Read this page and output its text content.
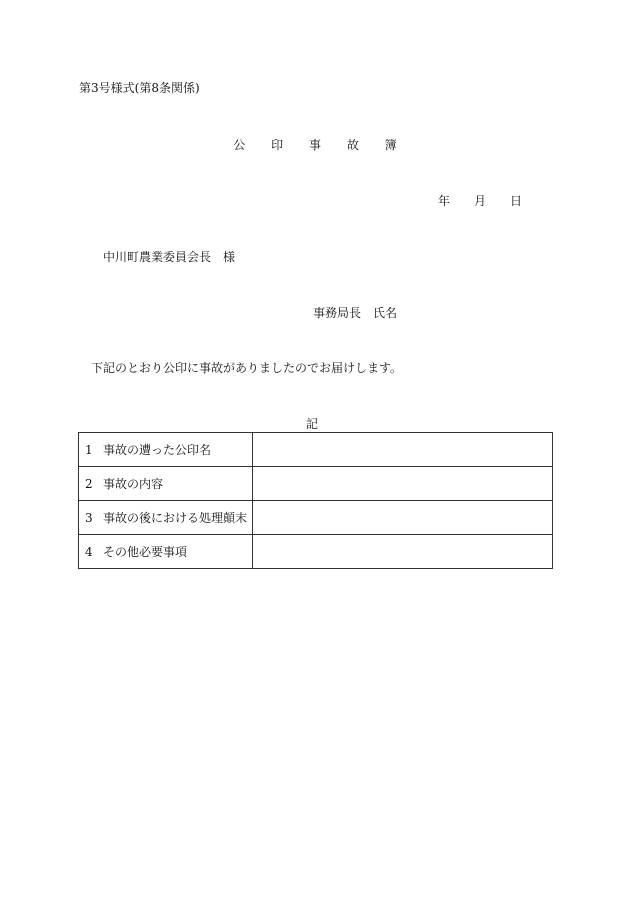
第3号様式(第8条関係)
公 印 事 故 簿
年 月 日
中川町農業委員会長　様
事務局長　氏名
下記のとおり公印に事故がありましたのでお届けします。
記
1 事故の遭った公印名	
2 事故の内容	
3 事故の後における処理顛末	
4 その他必要事項	
